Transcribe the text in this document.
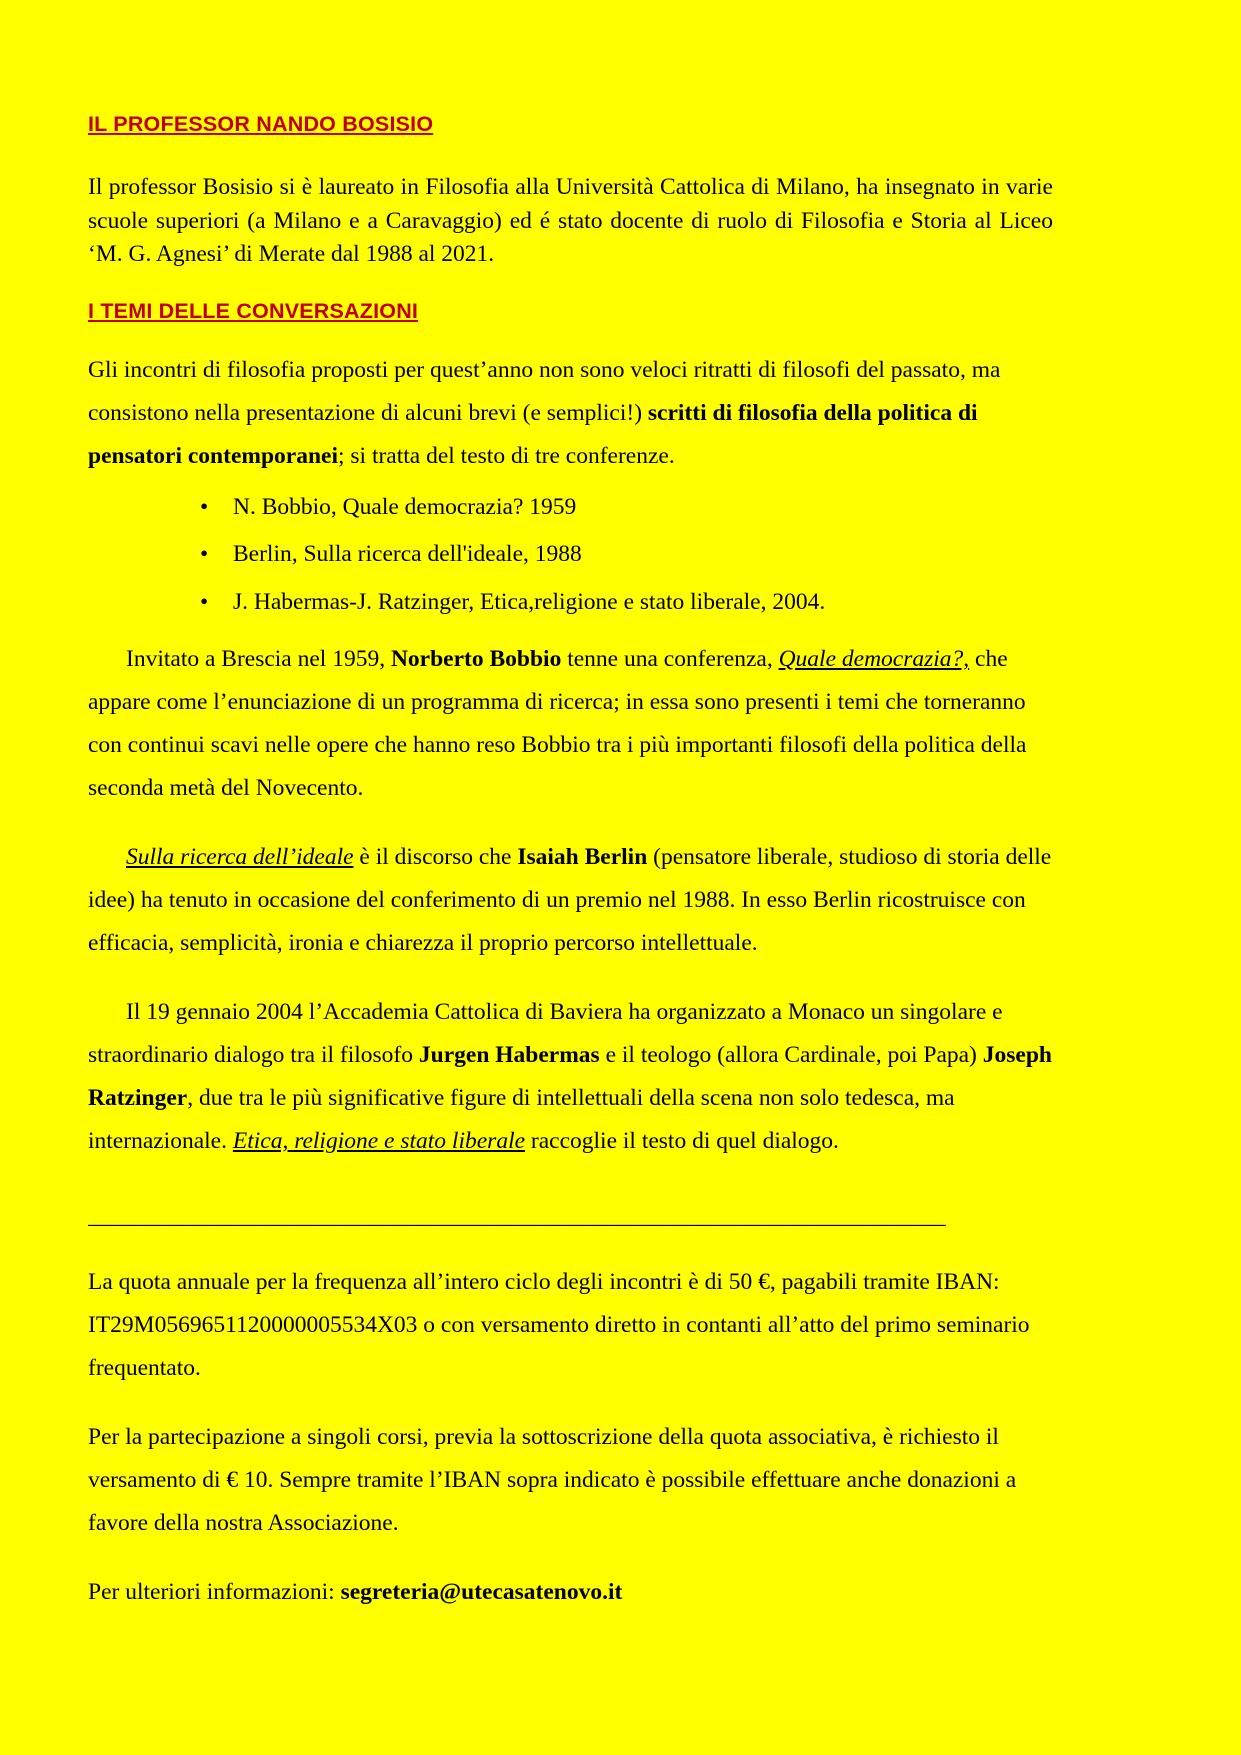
IL PROFESSOR NANDO BOSISIO

Il professor Bosisio si è laureato in Filosofia alla Università Cattolica di Milano, ha insegnato in varie scuole superiori (a Milano e a Caravaggio) ed é stato docente di ruolo di Filosofia e Storia al Liceo ‘M. G. Agnesi’ di Merate dal 1988 al 2021.

I TEMI DELLE CONVERSAZIONI

Gli incontri di filosofia proposti per quest’anno non sono veloci ritratti di filosofi del passato, ma consistono nella presentazione di alcuni brevi (e semplici!) scritti di filosofia della politica di pensatori contemporanei; si tratta del testo di tre conferenze.

• N. Bobbio, Quale democrazia? 1959
• Berlin, Sulla ricerca dell'ideale, 1988
• J. Habermas-J. Ratzinger, Etica,religione e stato liberale, 2004.

Invitato a Brescia nel 1959, Norberto Bobbio tenne una conferenza, Quale democrazia?, che appare come l’enunciazione di un programma di ricerca; in essa sono presenti i temi che torneranno con continui scavi nelle opere che hanno reso Bobbio tra i più importanti filosofi della politica della seconda metà del Novecento.

Sulla ricerca dell’ideale è il discorso che Isaiah Berlin (pensatore liberale, studioso di storia delle idee) ha tenuto in occasione del conferimento di un premio nel 1988. In esso Berlin ricostruisce con efficacia, semplicità, ironia e chiarezza il proprio percorso intellettuale.

Il 19 gennaio 2004 l’Accademia Cattolica di Baviera ha organizzato a Monaco un singolare e straordinario dialogo tra il filosofo Jurgen Habermas e il teologo (allora Cardinale, poi Papa) Joseph Ratzinger, due tra le più significative figure di intellettuali della scena non solo tedesca, ma internazionale. Etica, religione e stato liberale raccoglie il testo di quel dialogo.

_________________________________________________________________________

La quota annuale per la frequenza all’intero ciclo degli incontri è di 50 €, pagabili tramite IBAN: IT29M0569651120000005534X03 o con versamento diretto in contanti all’atto del primo seminario frequentato.

Per la partecipazione a singoli corsi, previa la sottoscrizione della quota associativa, è richiesto il versamento di € 10. Sempre tramite l’IBAN sopra indicato è possibile effettuare anche donazioni a favore della nostra Associazione.

Per ulteriori informazioni: segreteria@utecasatenovo.it
